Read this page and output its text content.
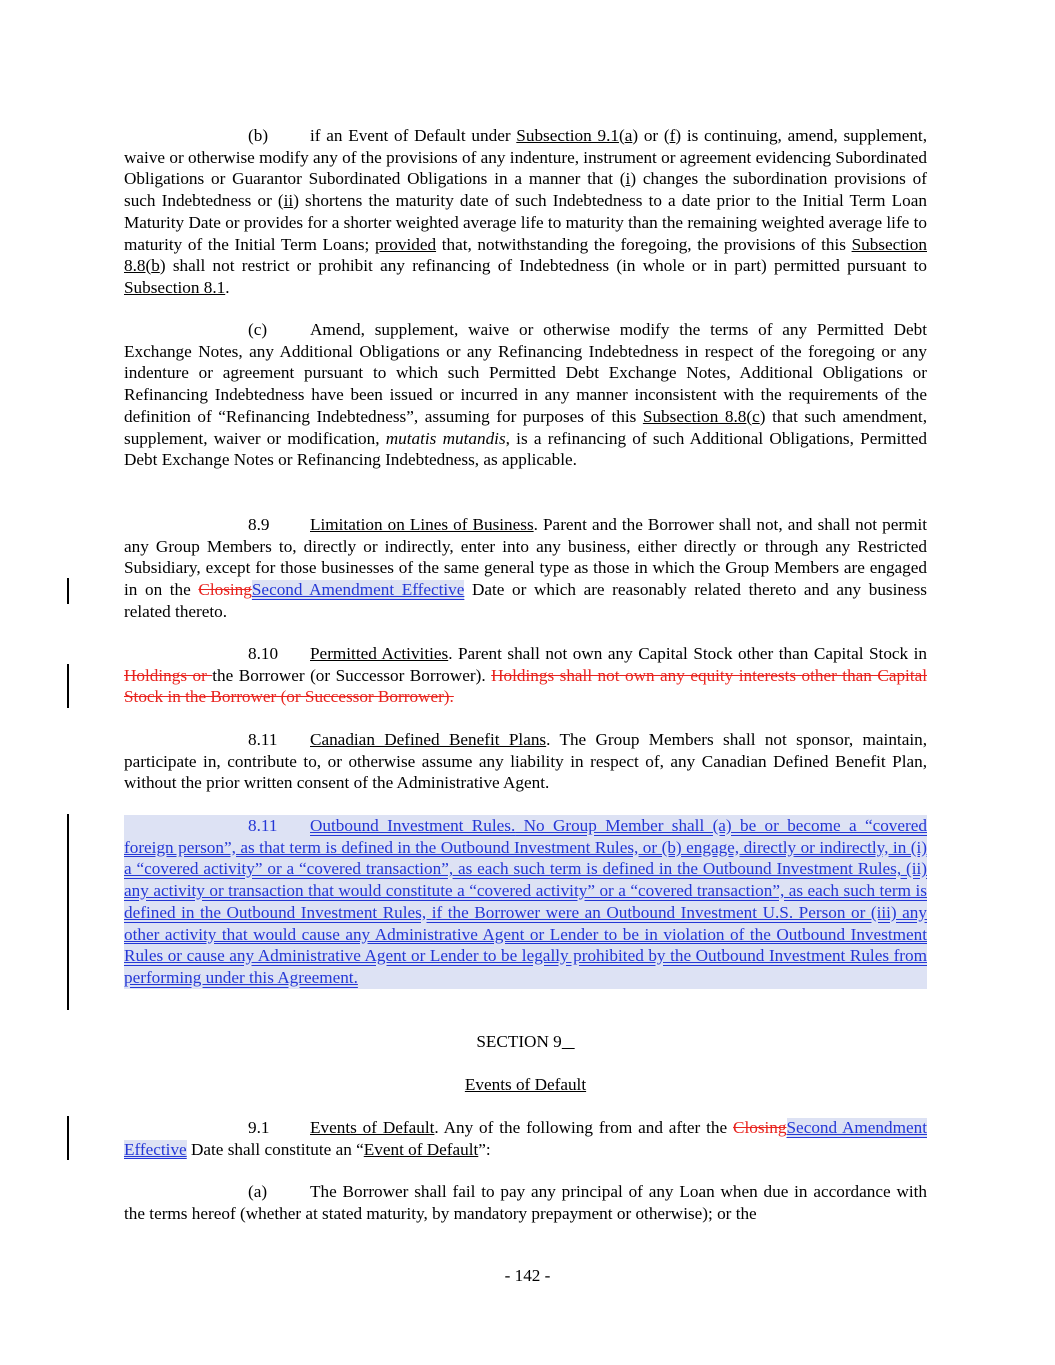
(b) if an Event of Default under Subsection 9.1(a) or (f) is continuing, amend, supplement, waive or otherwise modify any of the provisions of any indenture, instrument or agreement evidencing Subordinated Obligations or Guarantor Subordinated Obligations in a manner that (i) changes the subordination provisions of such Indebtedness or (ii) shortens the maturity date of such Indebtedness to a date prior to the Initial Term Loan Maturity Date or provides for a shorter weighted average life to maturity than the remaining weighted average life to maturity of the Initial Term Loans; provided that, notwithstanding the foregoing, the provisions of this Subsection 8.8(b) shall not restrict or prohibit any refinancing of Indebtedness (in whole or in part) permitted pursuant to Subsection 8.1.

(c) Amend, supplement, waive or otherwise modify the terms of any Permitted Debt Exchange Notes, any Additional Obligations or any Refinancing Indebtedness in respect of the foregoing or any indenture or agreement pursuant to which such Permitted Debt Exchange Notes, Additional Obligations or Refinancing Indebtedness have been issued or incurred in any manner inconsistent with the requirements of the definition of “Refinancing Indebtedness”, assuming for purposes of this Subsection 8.8(c) that such amendment, supplement, waiver or modification, mutatis mutandis, is a refinancing of such Additional Obligations, Permitted Debt Exchange Notes or Refinancing Indebtedness, as applicable.

8.9 Limitation on Lines of Business. Parent and the Borrower shall not, and shall not permit any Group Members to, directly or indirectly, enter into any business, either directly or through any Restricted Subsidiary, except for those businesses of the same general type as those in which the Group Members are engaged in on the ClosingSecond Amendment Effective Date or which are reasonably related thereto and any business related thereto.

8.10 Permitted Activities. Parent shall not own any Capital Stock other than Capital Stock in Holdings or the Borrower (or Successor Borrower). Holdings shall not own any equity interests other than Capital Stock in the Borrower (or Successor Borrower).

8.11 Canadian Defined Benefit Plans. The Group Members shall not sponsor, maintain, participate in, contribute to, or otherwise assume any liability in respect of, any Canadian Defined Benefit Plan, without the prior written consent of the Administrative Agent.

8.11 Outbound Investment Rules. No Group Member shall (a) be or become a “covered foreign person”, as that term is defined in the Outbound Investment Rules, or (b) engage, directly or indirectly, in (i) a “covered activity” or a “covered transaction”, as each such term is defined in the Outbound Investment Rules, (ii) any activity or transaction that would constitute a “covered activity” or a “covered transaction”, as each such term is defined in the Outbound Investment Rules, if the Borrower were an Outbound Investment U.S. Person or (iii) any other activity that would cause any Administrative Agent or Lender to be in violation of the Outbound Investment Rules or cause any Administrative Agent or Lender to be legally prohibited by the Outbound Investment Rules from performing under this Agreement.

SECTION 9

Events of Default

9.1 Events of Default. Any of the following from and after the ClosingSecond Amendment Effective Date shall constitute an “Event of Default”:

(a) The Borrower shall fail to pay any principal of any Loan when due in accordance with the terms hereof (whether at stated maturity, by mandatory prepayment or otherwise); or the

- 142 -
